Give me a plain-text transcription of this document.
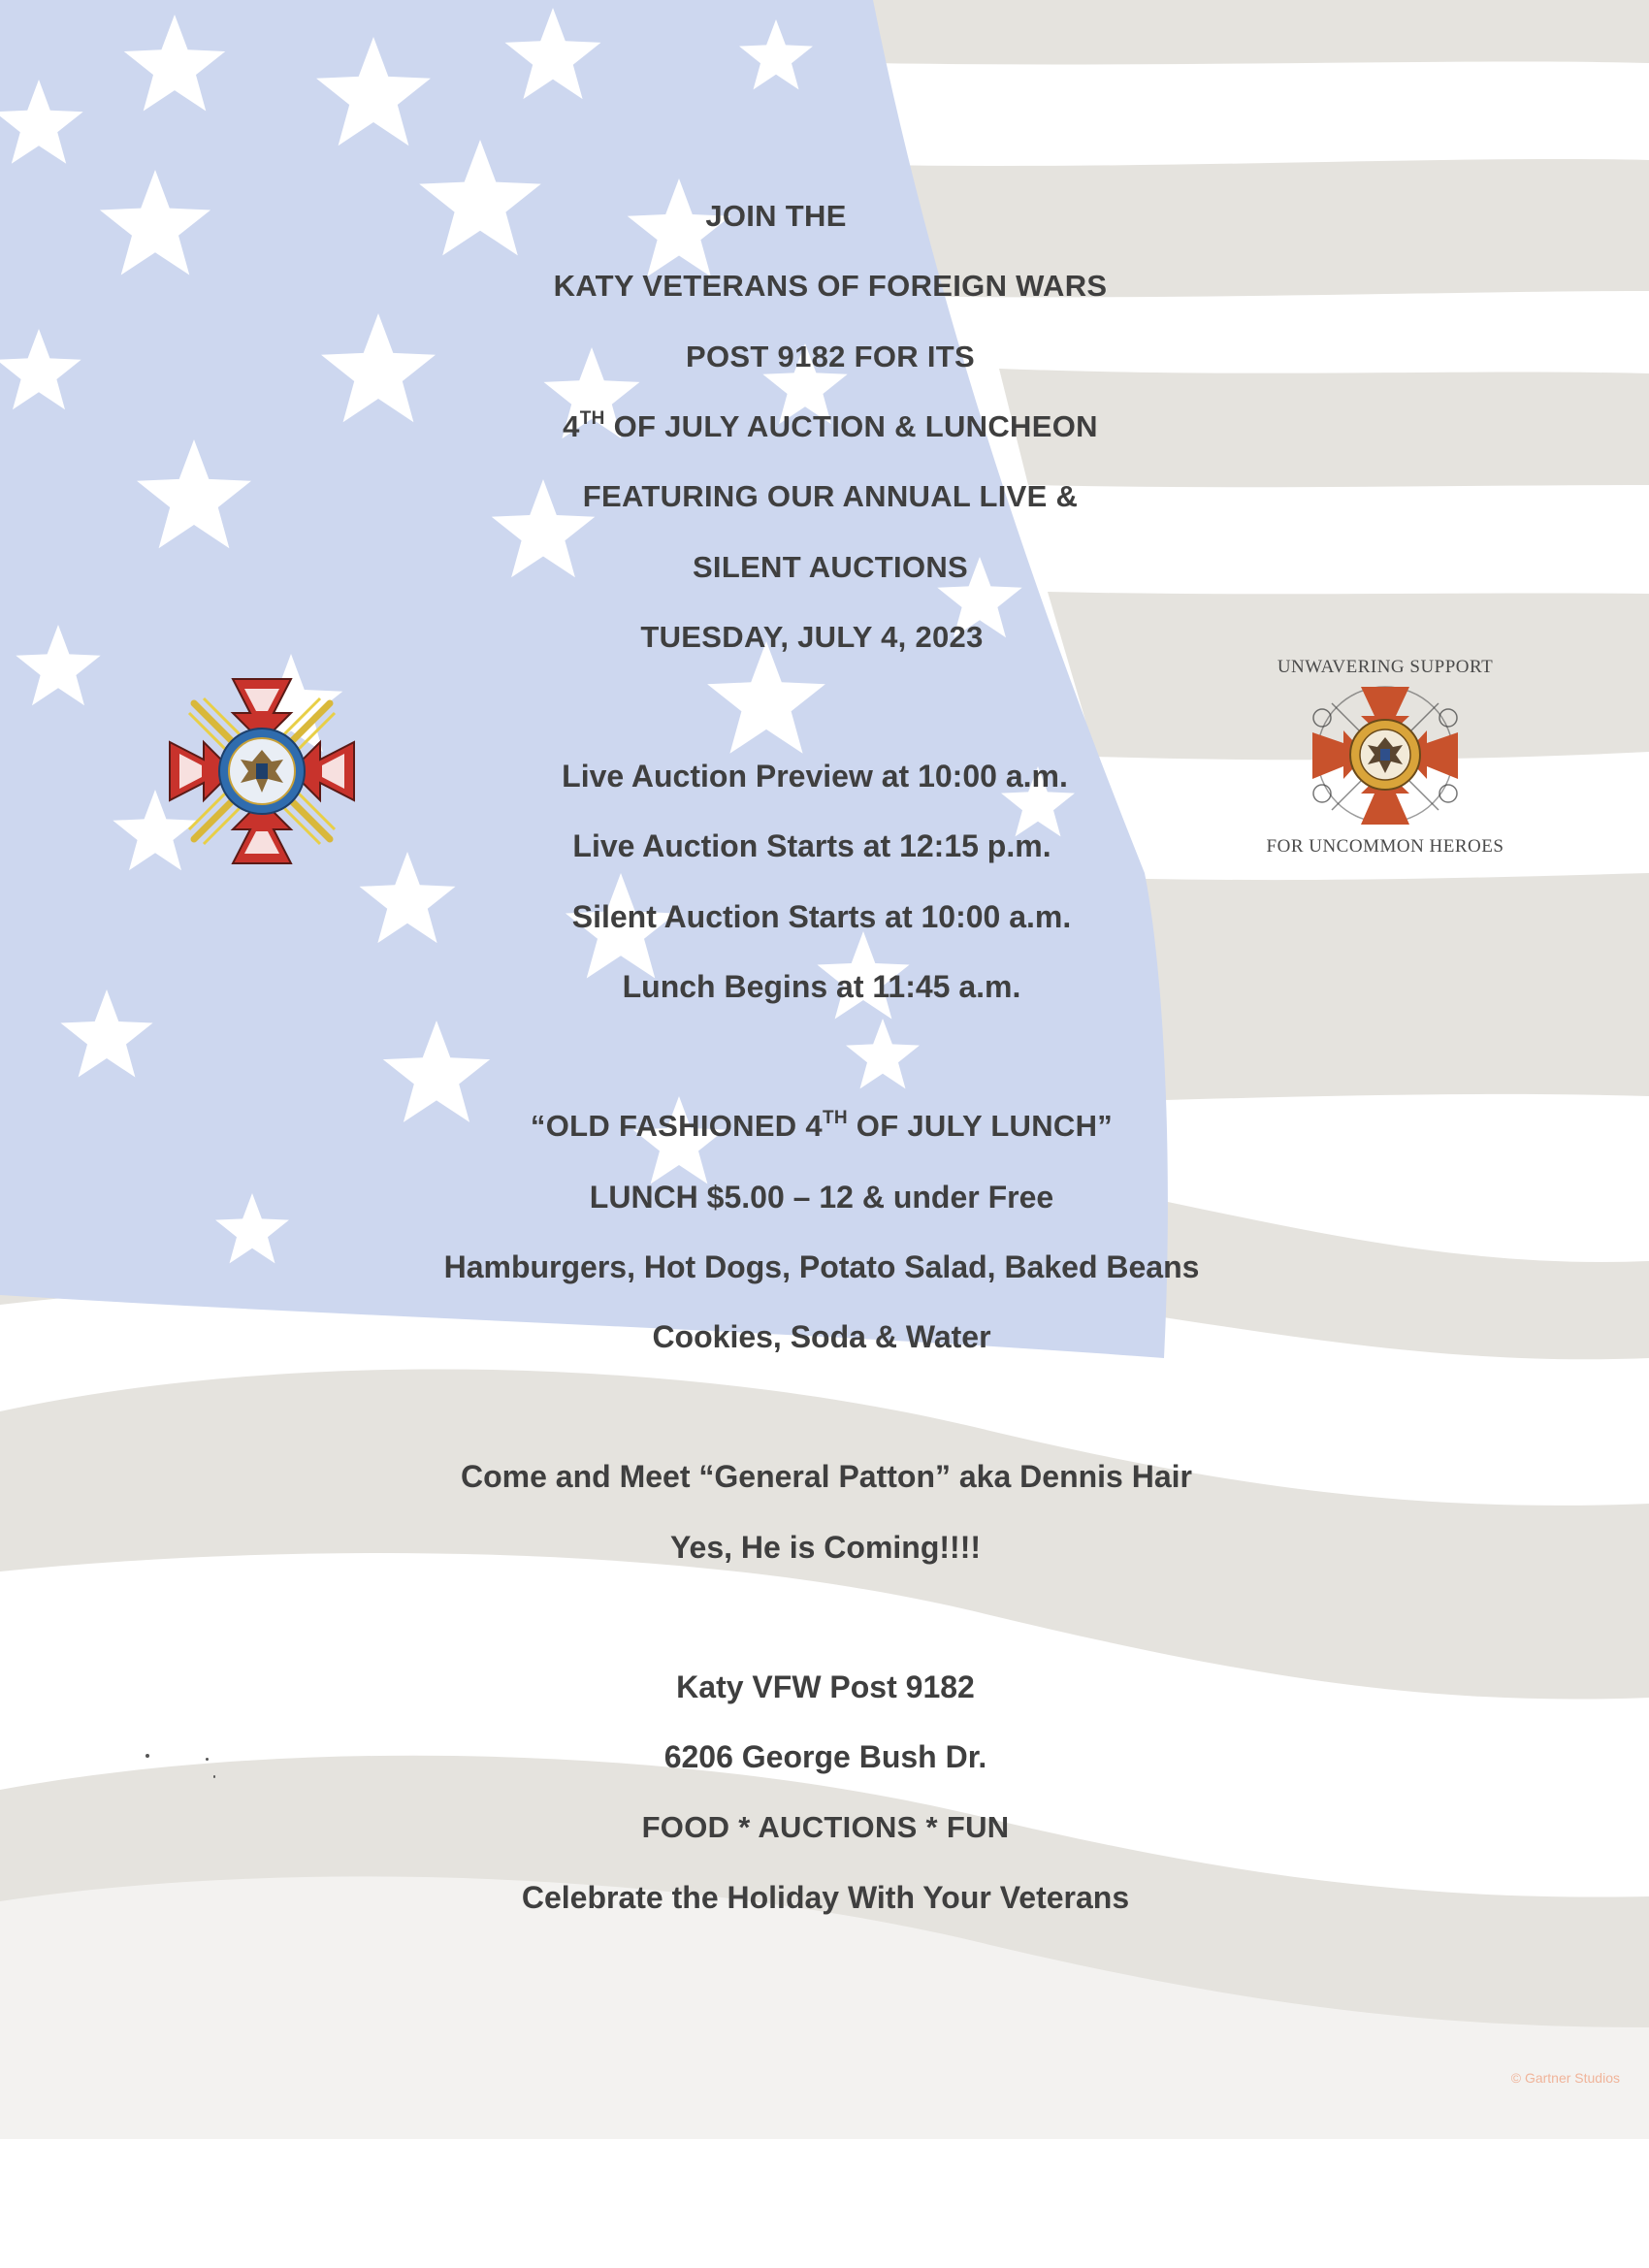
JOIN THE
KATY VETERANS OF FOREIGN WARS
POST 9182 FOR ITS
4TH OF JULY AUCTION & LUNCHEON
FEATURING OUR ANNUAL LIVE &
SILENT AUCTIONS
TUESDAY, JULY 4, 2023
Live Auction Preview at 10:00 a.m.
Live Auction Starts at 12:15 p.m.
Silent Auction Starts at 10:00 a.m.
Lunch Begins at 11:45 a.m.
“OLD FASHIONED 4TH OF JULY LUNCH”
LUNCH $5.00 – 12 & under Free
Hamburgers, Hot Dogs, Potato Salad, Baked Beans
Cookies, Soda & Water
Come and Meet “General Patton” aka Dennis Hair
Yes, He is Coming!!!!
Katy VFW Post 9182
6206 George Bush Dr.
FOOD * AUCTIONS * FUN
Celebrate the Holiday With Your Veterans
UNWAVERING SUPPORT
FOR UNCOMMON HEROES
© Gartner Studios
